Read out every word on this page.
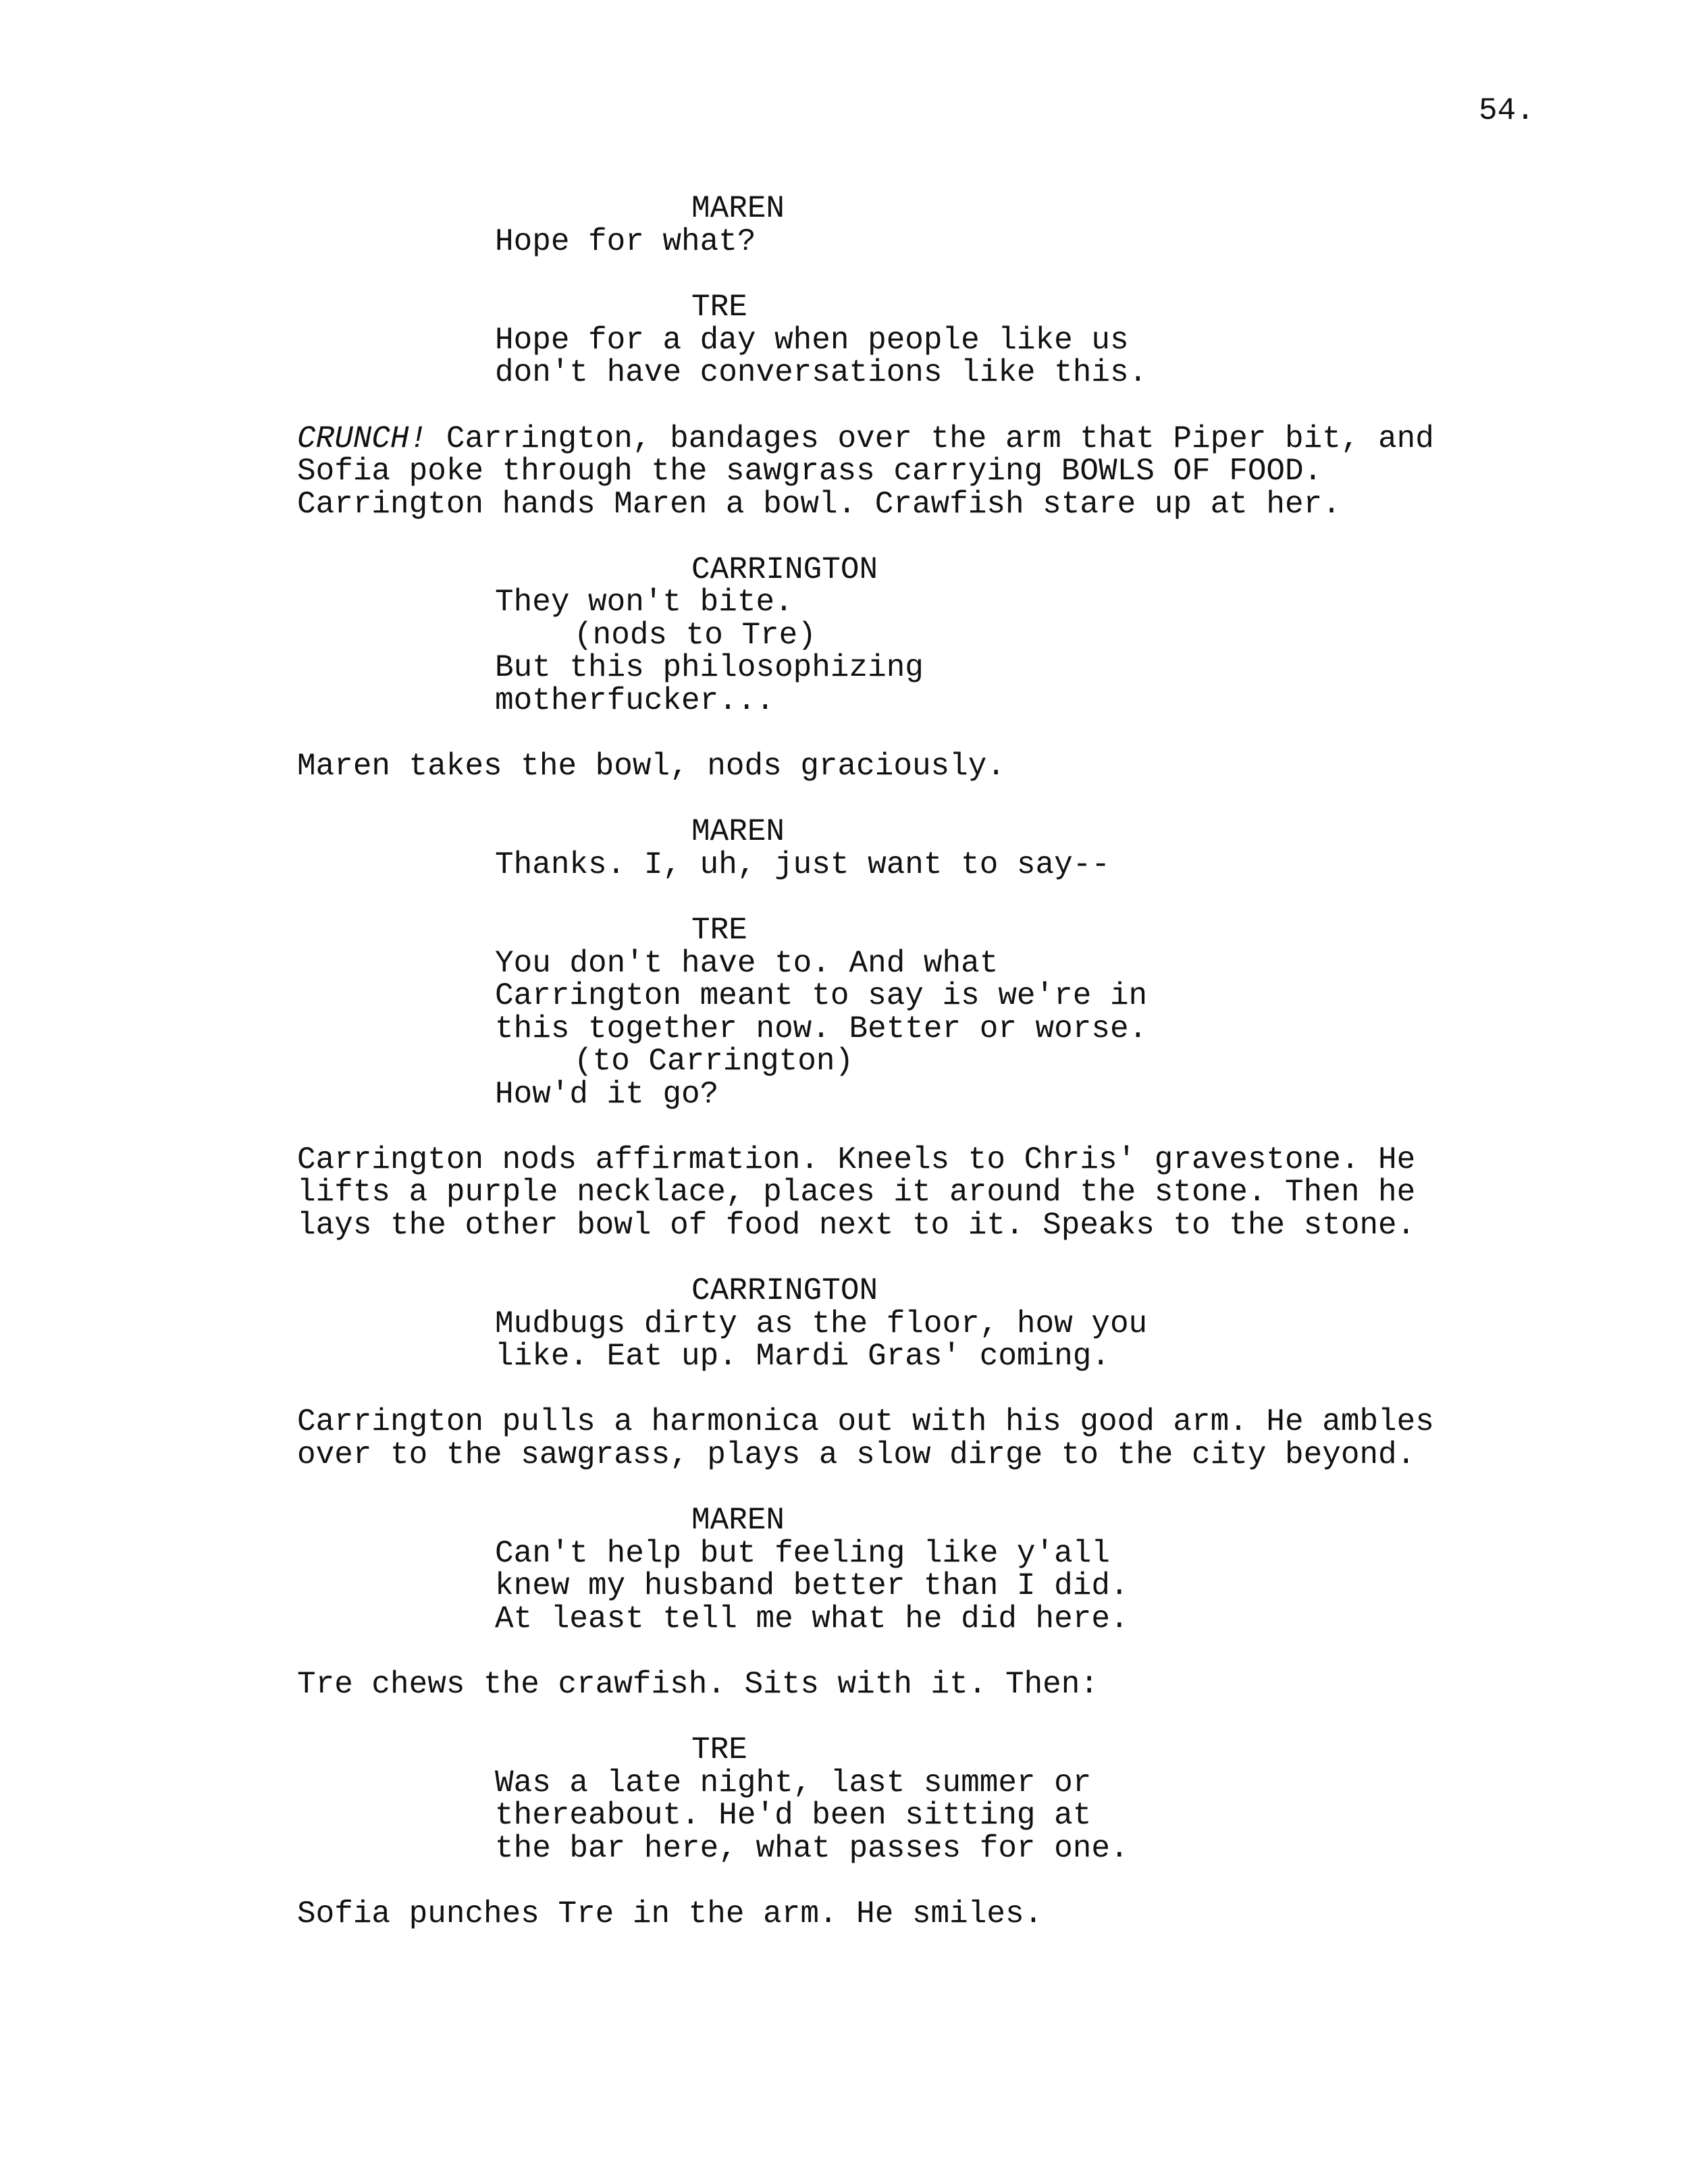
54.
MAREN
Hope for what?
TRE
Hope for a day when people like us
don't have conversations like this.
CRUNCH! Carrington, bandages over the arm that Piper bit, and
Sofia poke through the sawgrass carrying BOWLS OF FOOD.
Carrington hands Maren a bowl. Crawfish stare up at her.
CARRINGTON
They won't bite.
(nods to Tre)
But this philosophizing
motherfucker...
Maren takes the bowl, nods graciously.
MAREN
Thanks. I, uh, just want to say--
TRE
You don't have to. And what
Carrington meant to say is we're in
this together now. Better or worse.
(to Carrington)
How'd it go?
Carrington nods affirmation. Kneels to Chris' gravestone. He
lifts a purple necklace, places it around the stone. Then he
lays the other bowl of food next to it. Speaks to the stone.
CARRINGTON
Mudbugs dirty as the floor, how you
like. Eat up. Mardi Gras' coming.
Carrington pulls a harmonica out with his good arm. He ambles
over to the sawgrass, plays a slow dirge to the city beyond.
MAREN
Can't help but feeling like y'all
knew my husband better than I did.
At least tell me what he did here.
Tre chews the crawfish. Sits with it. Then:
TRE
Was a late night, last summer or
thereabout. He'd been sitting at
the bar here, what passes for one.
Sofia punches Tre in the arm. He smiles.
